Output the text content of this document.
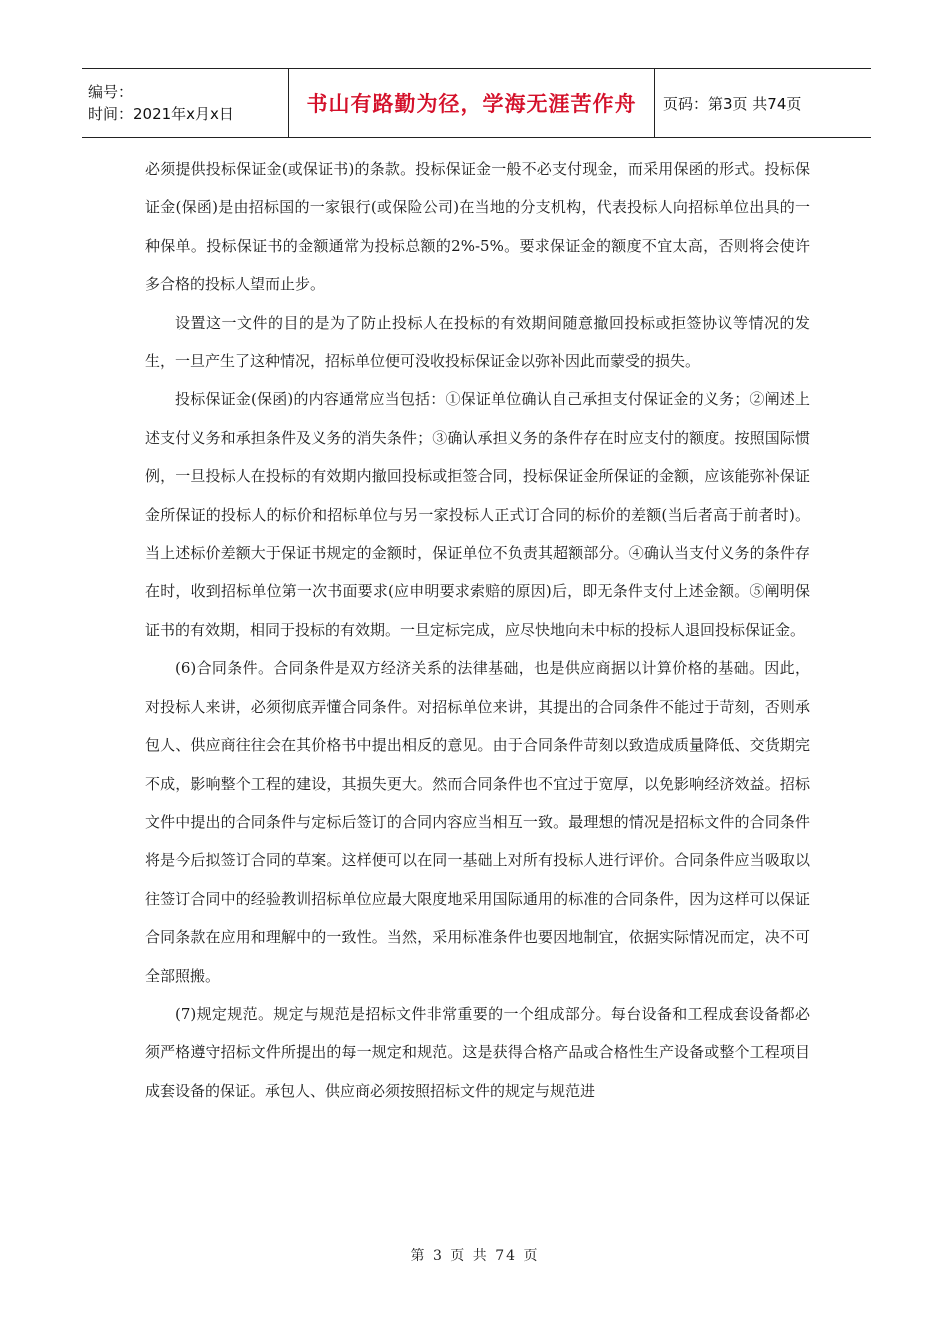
编号：
时间：2021年x月x日	书山有路勤为径，学海无涯苦作舟 页码：第3页 共74页

必须提供投标保证金(或保证书)的条款。投标保证金一般不必支付现金，而采用保函的形式。投标保证金(保函)是由招标国的一家银行(或保险公司)在当地的分支机构，代表投标人向招标单位出具的一种保单。投标保证书的金额通常为投标总额的2%-5%。要求保证金的额度不宜太高，否则将会使许多合格的投标人望而止步。

设置这一文件的目的是为了防止投标人在投标的有效期间随意撤回投标或拒签协议等情况的发生，一旦产生了这种情况，招标单位便可没收投标保证金以弥补因此而蒙受的损失。

投标保证金(保函)的内容通常应当包括：①保证单位确认自己承担支付保证金的义务；②阐述上述支付义务和承担条件及义务的消失条件；③确认承担义务的条件存在时应支付的额度。按照国际惯例，一旦投标人在投标的有效期内撤回投标或拒签合同，投标保证金所保证的金额，应该能弥补保证金所保证的投标人的标价和招标单位与另一家投标人正式订合同的标价的差额(当后者高于前者时)。当上述标价差额大于保证书规定的金额时，保证单位不负责其超额部分。④确认当支付义务的条件存在时，收到招标单位第一次书面要求(应申明要求索赔的原因)后，即无条件支付上述金额。⑤阐明保证书的有效期，相同于投标的有效期。一旦定标完成，应尽快地向未中标的投标人退回投标保证金。

(6)合同条件。合同条件是双方经济关系的法律基础，也是供应商据以计算价格的基础。因此，对投标人来讲，必须彻底弄懂合同条件。对招标单位来讲，其提出的合同条件不能过于苛刻，否则承包人、供应商往往会在其价格书中提出相反的意见。由于合同条件苛刻以致造成质量降低、交货期完不成，影响整个工程的建设，其损失更大。然而合同条件也不宜过于宽厚，以免影响经济效益。招标文件中提出的合同条件与定标后签订的合同内容应当相互一致。最理想的情况是招标文件的合同条件将是今后拟签订合同的草案。这样便可以在同一基础上对所有投标人进行评价。合同条件应当吸取以往签订合同中的经验教训招标单位应最大限度地采用国际通用的标准的合同条件，因为这样可以保证合同条款在应用和理解中的一致性。当然，采用标准条件也要因地制宜，依据实际情况而定，决不可全部照搬。

(7)规定规范。规定与规范是招标文件非常重要的一个组成部分。每台设备和工程成套设备都必须严格遵守招标文件所提出的每一规定和规范。这是获得合格产品或合格性生产设备或整个工程项目成套设备的保证。承包人、供应商必须按照招标文件的规定与规范进

第 3 页 共 74 页
